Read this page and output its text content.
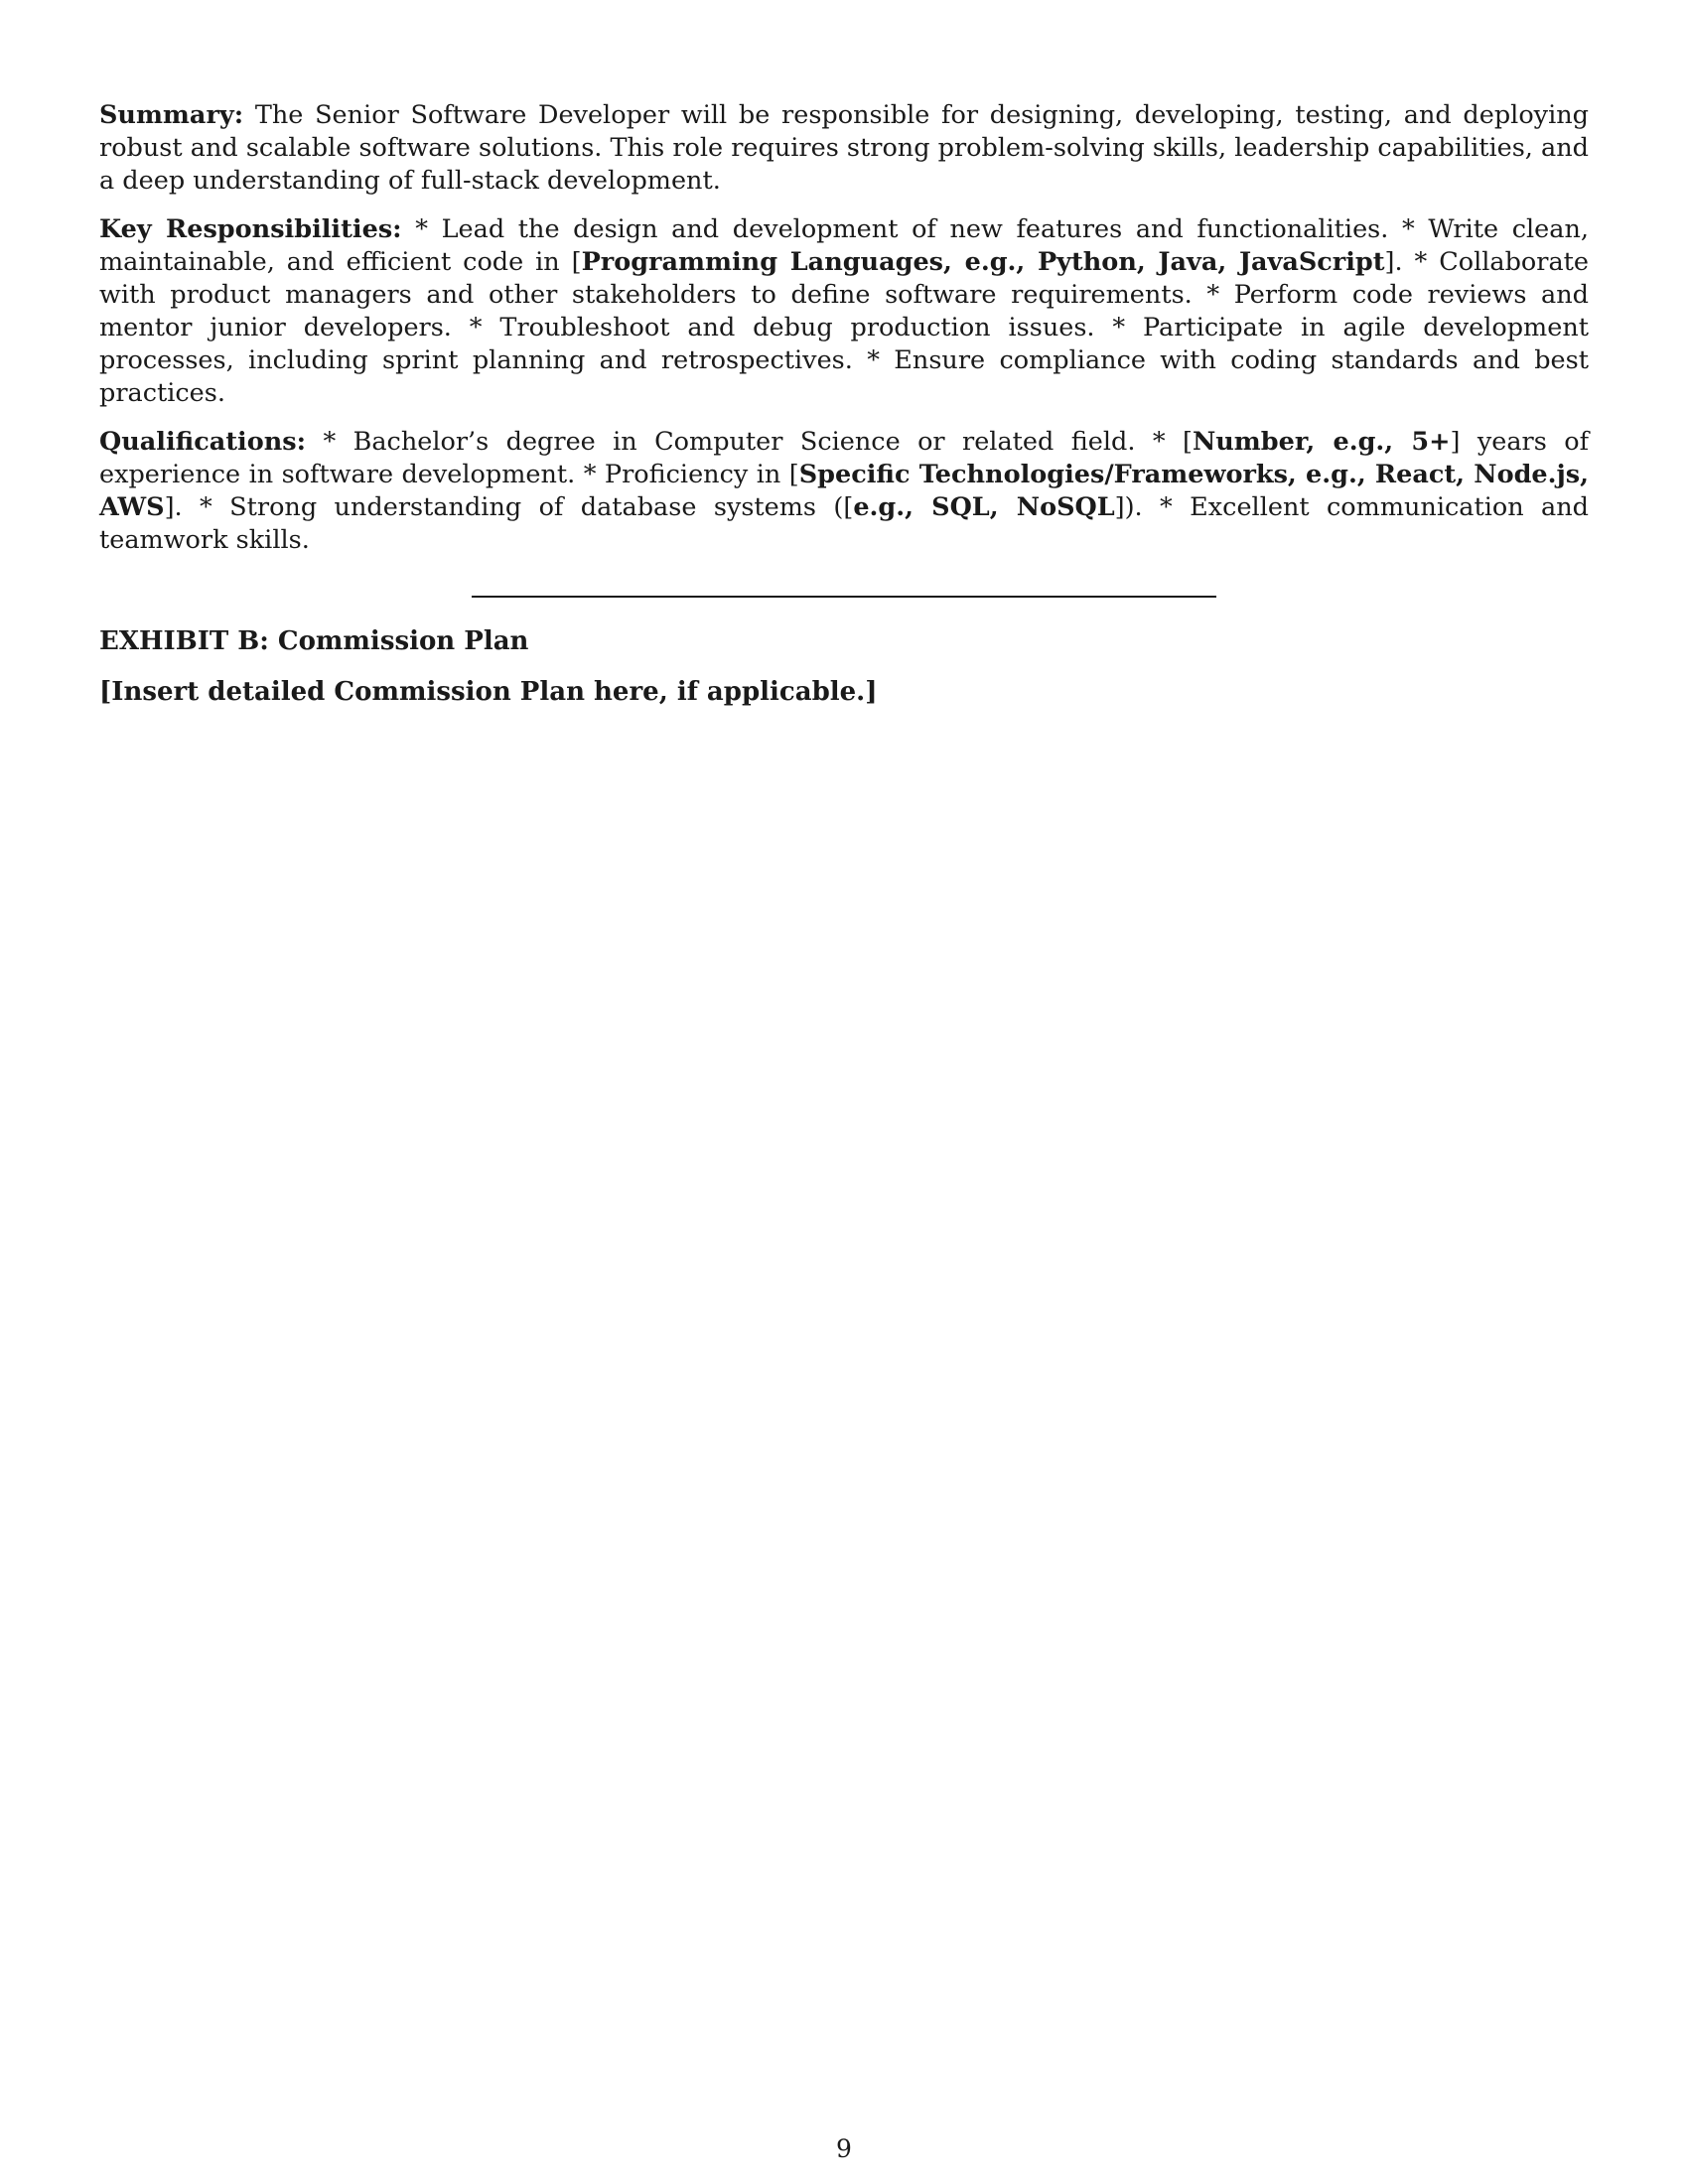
Summary: The Senior Software Developer will be responsible for designing, developing, testing, and deploying robust and scalable software solutions. This role requires strong problem-solving skills, leadership capabilities, and a deep understanding of full-stack development.

Key Responsibilities: * Lead the design and development of new features and functionalities. * Write clean, maintainable, and efficient code in [Programming Languages, e.g., Python, Java, JavaScript]. * Collaborate with product managers and other stakeholders to define software requirements. * Perform code reviews and mentor junior developers. * Troubleshoot and debug production issues. * Participate in agile development processes, including sprint planning and retrospectives. * Ensure compliance with coding standards and best practices.

Qualifications: * Bachelor’s degree in Computer Science or related field. * [Number, e.g., 5+] years of experience in software development. * Proficiency in [Specific Technologies/Frameworks, e.g., React, Node.js, AWS]. * Strong understanding of database systems ([e.g., SQL, NoSQL]). * Excellent communication and teamwork skills.

EXHIBIT B: Commission Plan
[Insert detailed Commission Plan here, if applicable.]
9
